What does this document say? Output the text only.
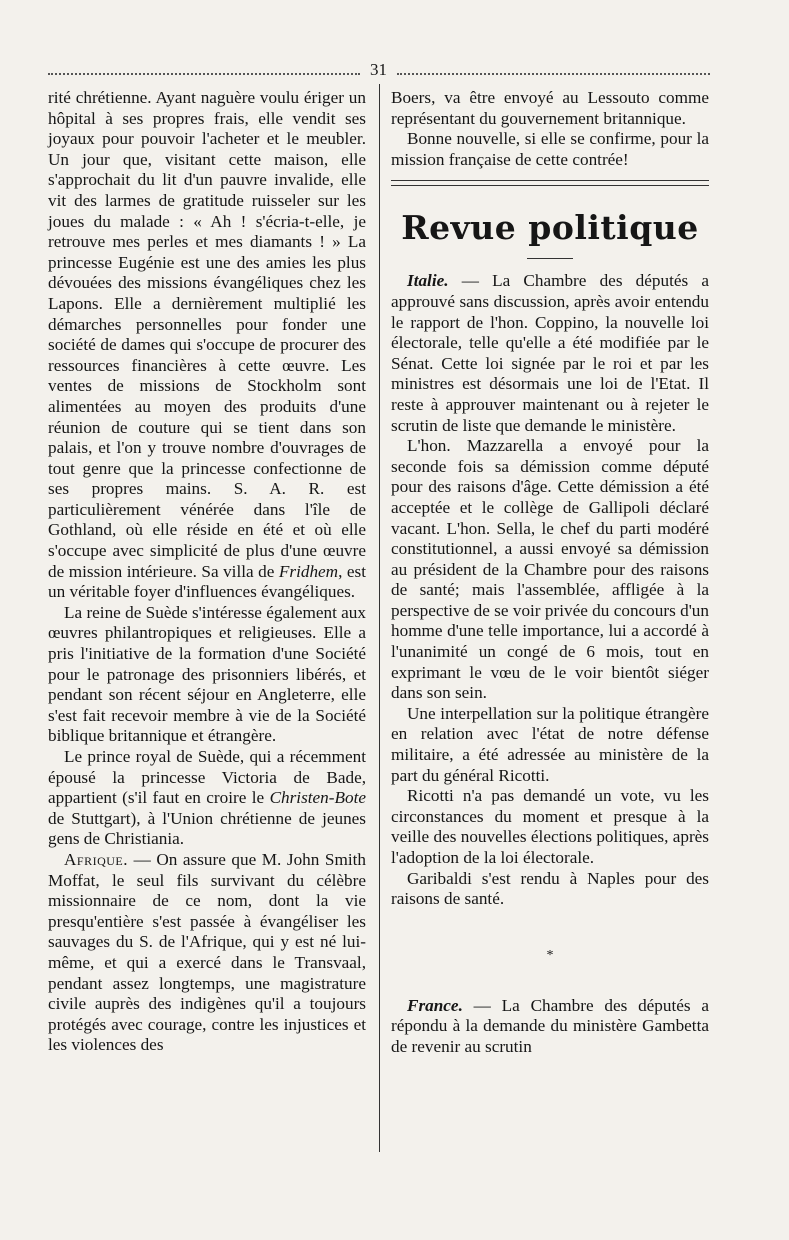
31

rité chrétienne. Ayant naguère voulu ériger un hôpital à ses propres frais, elle vendit ses joyaux pour pouvoir l'acheter et le meubler. Un jour que, visitant cette maison, elle s'approchait du lit d'un pauvre invalide, elle vit des larmes de gratitude ruisseler sur les joues du malade : « Ah ! s'écria-t-elle, je retrouve mes perles et mes diamants ! » La princesse Eugénie est une des amies les plus dévouées des missions évangéliques chez les Lapons. Elle a dernièrement multiplié les démarches personnelles pour fonder une société de dames qui s'occupe de procurer des ressources financières à cette œuvre. Les ventes de missions de Stockholm sont alimentées au moyen des produits d'une réunion de couture qui se tient dans son palais, et l'on y trouve nombre d'ouvrages de tout genre que la princesse confectionne de ses propres mains. S. A. R. est particulièrement vénérée dans l'île de Gothland, où elle réside en été et où elle s'occupe avec simplicité de plus d'une œuvre de mission intérieure. Sa villa de Fridhem, est un véritable foyer d'influences évangéliques.

La reine de Suède s'intéresse également aux œuvres philantropiques et religieuses. Elle a pris l'initiative de la formation d'une Société pour le patronage des prisonniers libérés, et pendant son récent séjour en Angleterre, elle s'est fait recevoir membre à vie de la Société biblique britannique et étrangère.

Le prince royal de Suède, qui a récemment épousé la princesse Victoria de Bade, appartient (s'il faut en croire le Christen-Bote de Stuttgart), à l'Union chrétienne de jeunes gens de Christiania.

Afrique. — On assure que M. John Smith Moffat, le seul fils survivant du célèbre missionnaire de ce nom, dont la vie presqu'entière s'est passée à évangéliser les sauvages du S. de l'Afrique, qui y est né lui-même, et qui a exercé dans le Transvaal, pendant assez longtemps, une magistrature civile auprès des indigènes qu'il a toujours protégés avec courage, contre les injustices et les violences des

Boers, va être envoyé au Lessouto comme représentant du gouvernement britannique.

Bonne nouvelle, si elle se confirme, pour la mission française de cette contrée!

Revue politique

Italie. — La Chambre des députés a approuvé sans discussion, après avoir entendu le rapport de l'hon. Coppino, la nouvelle loi électorale, telle qu'elle a été modifiée par le Sénat. Cette loi signée par le roi et par les ministres est désormais une loi de l'Etat. Il reste à approuver maintenant ou à rejeter le scrutin de liste que demande le ministère.

L'hon. Mazzarella a envoyé pour la seconde fois sa démission comme député pour des raisons d'âge. Cette démission a été acceptée et le collège de Gallipoli déclaré vacant. L'hon. Sella, le chef du parti modéré constitutionnel, a aussi envoyé sa démission au président de la Chambre pour des raisons de santé; mais l'assemblée, affligée à la perspective de se voir privée du concours d'un homme d'une telle importance, lui a accordé à l'unanimité un congé de 6 mois, tout en exprimant le vœu de le voir bientôt siéger dans son sein.

Une interpellation sur la politique étrangère en relation avec l'état de notre défense militaire, a été adressée au ministère de la part du général Ricotti.

Ricotti n'a pas demandé un vote, vu les circonstances du moment et presque à la veille des nouvelles élections politiques, après l'adoption de la loi électorale.

Garibaldi s'est rendu à Naples pour des raisons de santé.

*

France. — La Chambre des députés a répondu à la demande du ministère Gambetta de revenir au scrutin
